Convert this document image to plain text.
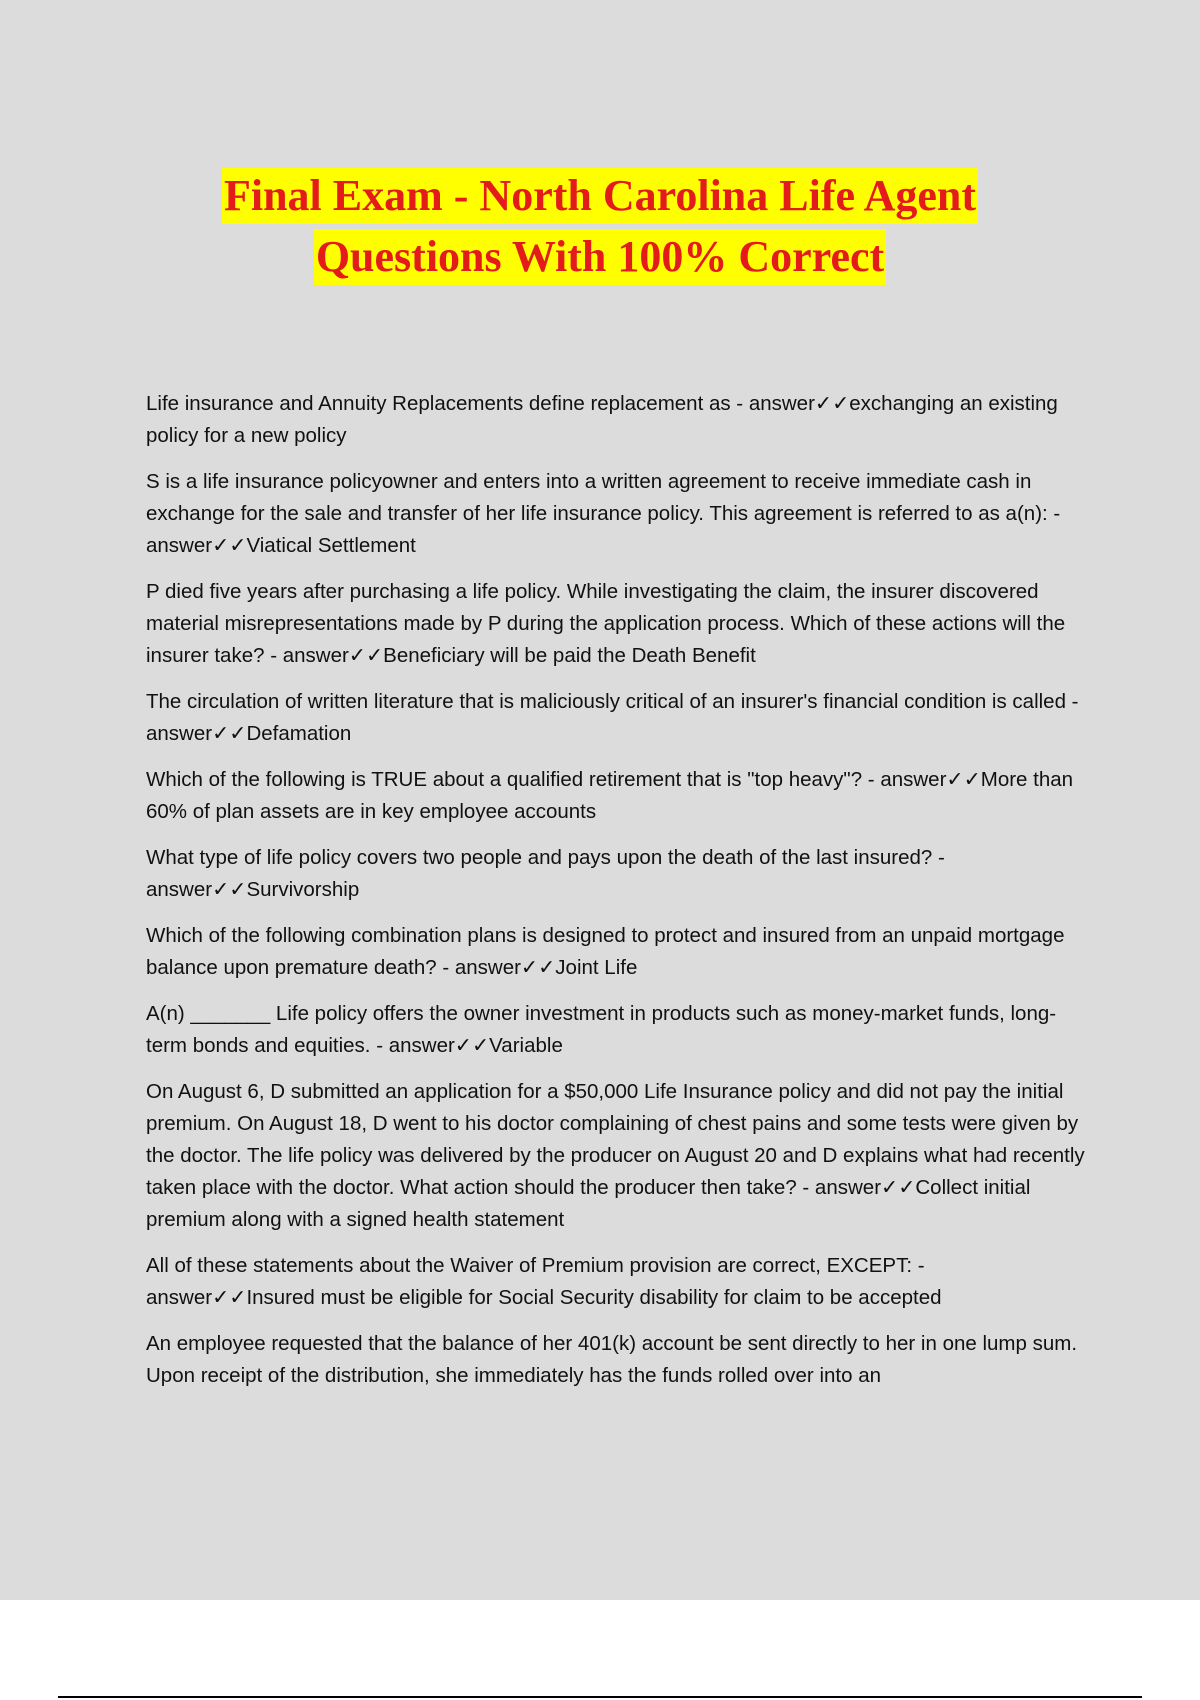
Final Exam - North Carolina Life Agent
Questions With 100% Correct

Life insurance and Annuity Replacements define replacement as - answer✓✓exchanging an existing policy for a new policy

S is a life insurance policyowner and enters into a written agreement to receive immediate cash in exchange for the sale and transfer of her life insurance policy. This agreement is referred to as a(n): - answer✓✓Viatical Settlement

P died five years after purchasing a life policy. While investigating the claim, the insurer discovered material misrepresentations made by P during the application process. Which of these actions will the insurer take? - answer✓✓Beneficiary will be paid the Death Benefit

The circulation of written literature that is maliciously critical of an insurer's financial condition is called - answer✓✓Defamation

Which of the following is TRUE about a qualified retirement that is "top heavy"? - answer✓✓More than 60% of plan assets are in key employee accounts

What type of life policy covers two people and pays upon the death of the last insured? - answer✓✓Survivorship

Which of the following combination plans is designed to protect and insured from an unpaid mortgage balance upon premature death? - answer✓✓Joint Life

A(n) _______ Life policy offers the owner investment in products such as money-market funds, long-term bonds and equities. - answer✓✓Variable

On August 6, D submitted an application for a $50,000 Life Insurance policy and did not pay the initial premium. On August 18, D went to his doctor complaining of chest pains and some tests were given by the doctor. The life policy was delivered by the producer on August 20 and D explains what had recently taken place with the doctor. What action should the producer then take? - answer✓✓Collect initial premium along with a signed health statement

All of these statements about the Waiver of Premium provision are correct, EXCEPT: - answer✓✓Insured must be eligible for Social Security disability for claim to be accepted

An employee requested that the balance of her 401(k) account be sent directly to her in one lump sum. Upon receipt of the distribution, she immediately has the funds rolled over into an
